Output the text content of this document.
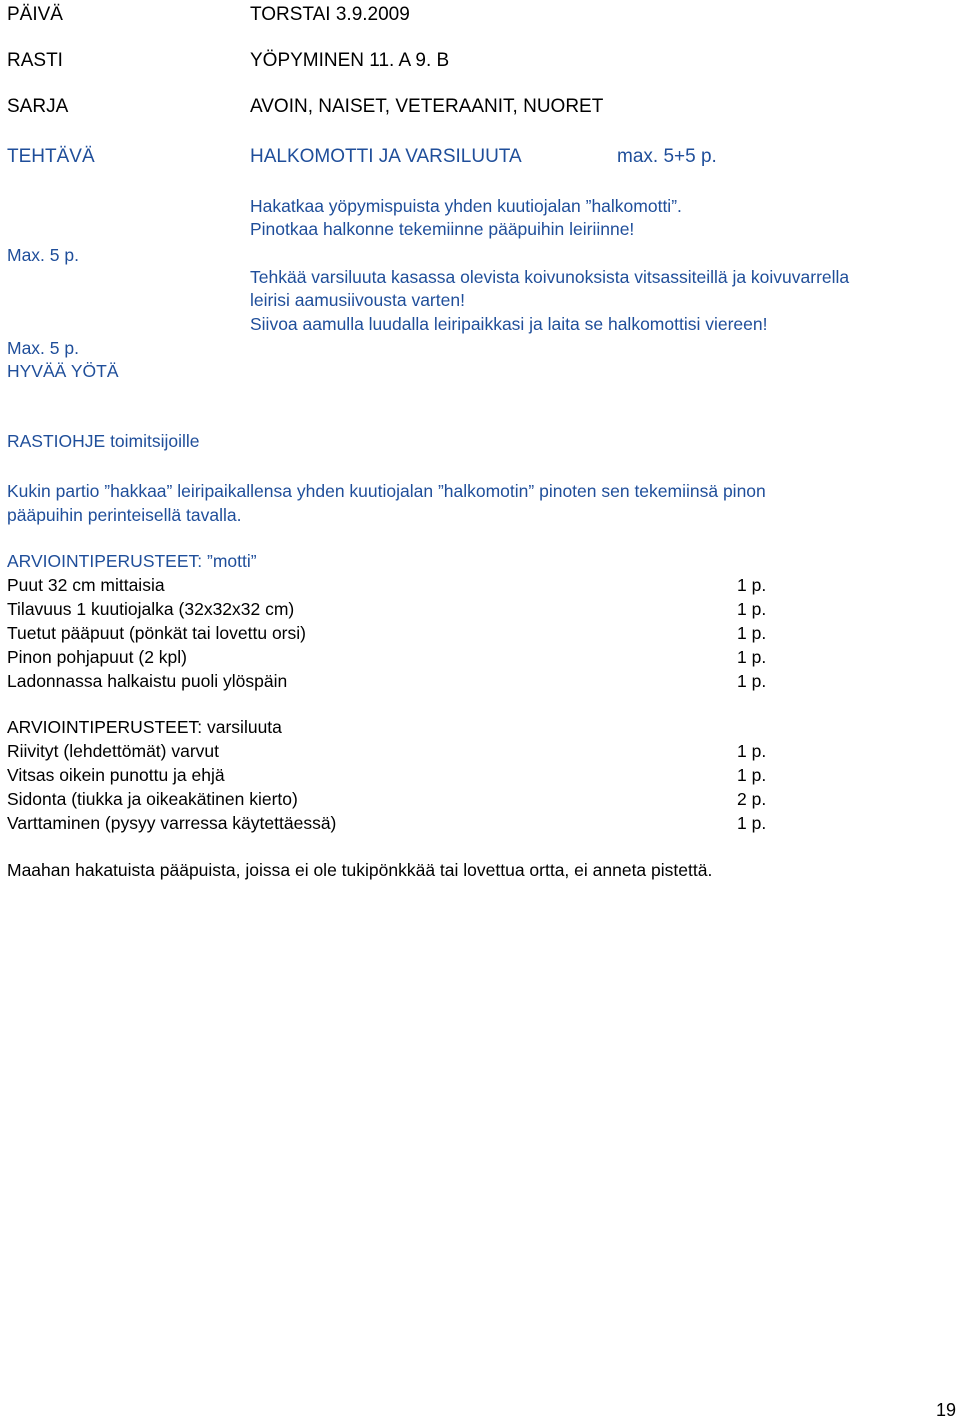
PÄIVÄ	TORSTAI 3.9.2009
RASTI	YÖPYMINEN 11. A 9. B
SARJA	AVOIN, NAISET, VETERAANIT, NUORET
TEHTÄVÄ	HALKOMOTTI JA VARSILUUTA	max. 5+5 p.
Hakatkaa yöpymispuista yhden kuutiojalan ”halkomotti”.
Pinotkaa halkonne tekemiinne pääpuihin leiriinne!
Max. 5 p.
Tehkää varsiluuta kasassa olevista koivunoksista vitsassiteillä ja koivuvarrella
leirisi aamusiivousta varten!
Siivoa aamulla luudalla leiripaikkasi ja laita se halkomottisi viereen!
Max. 5 p.
HYVÄÄ YÖTÄ
RASTIOHJE toimitsijoille
Kukin partio ”hakkaa” leiripaikallensa yhden kuutiojalan ”halkomotin” pinoten sen tekemiinsä pinon
pääpuihin perinteisellä tavalla.
ARVIOINTIPERUSTEET: ”motti”
Puut 32 cm mittaisia	1 p.
Tilavuus 1 kuutiojalka (32x32x32 cm)	1 p.
Tuetut pääpuut (pönkät tai lovettu orsi)	1 p.
Pinon pohjapuut (2 kpl)	1 p.
Ladonnassa halkaistu puoli ylöspäin	1 p.
ARVIOINTIPERUSTEET: varsiluuta
Riivityt (lehdettömät) varvut	1 p.
Vitsas oikein punottu ja ehjä	1 p.
Sidonta (tiukka ja oikeakätinen kierto)	2 p.
Varttaminen (pysyy varressa käytettäessä)	1 p.
Maahan hakatuista pääpuista, joissa ei ole tukipönkkää tai lovettua ortta, ei anneta pistettä.
19
